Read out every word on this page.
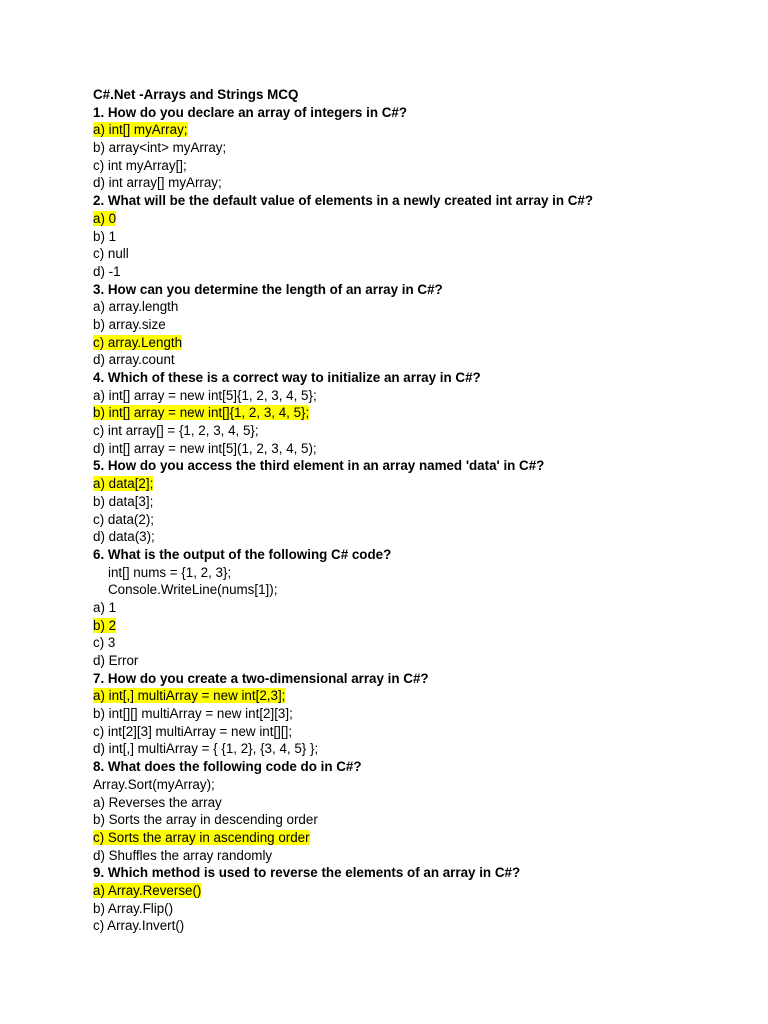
C#.Net -Arrays and Strings MCQ
1. How do you declare an array of integers in C#?
a) int[] myArray;
b) array<int> myArray;
c) int myArray[];
d) int array[] myArray;
2. What will be the default value of elements in a newly created int array in C#?
a) 0
b) 1
c) null
d) -1
3. How can you determine the length of an array in C#?
a) array.length
b) array.size
c) array.Length
d) array.count
4. Which of these is a correct way to initialize an array in C#?
a) int[] array = new int[5]{1, 2, 3, 4, 5};
b) int[] array = new int[]{1, 2, 3, 4, 5};
c) int array[] = {1, 2, 3, 4, 5};
d) int[] array = new int[5](1, 2, 3, 4, 5);
5. How do you access the third element in an array named 'data' in C#?
a) data[2];
b) data[3];
c) data(2);
d) data(3);
6. What is the output of the following C# code?
int[] nums = {1, 2, 3};
Console.WriteLine(nums[1]);
a) 1
b) 2
c) 3
d) Error
7. How do you create a two-dimensional array in C#?
a) int[,] multiArray = new int[2,3];
b) int[][] multiArray = new int[2][3];
c) int[2][3] multiArray = new int[][];
d) int[,] multiArray = { {1, 2}, {3, 4, 5} };
8. What does the following code do in C#?
Array.Sort(myArray);
a) Reverses the array
b) Sorts the array in descending order
c) Sorts the array in ascending order
d) Shuffles the array randomly
9. Which method is used to reverse the elements of an array in C#?
a) Array.Reverse()
b) Array.Flip()
c) Array.Invert()
